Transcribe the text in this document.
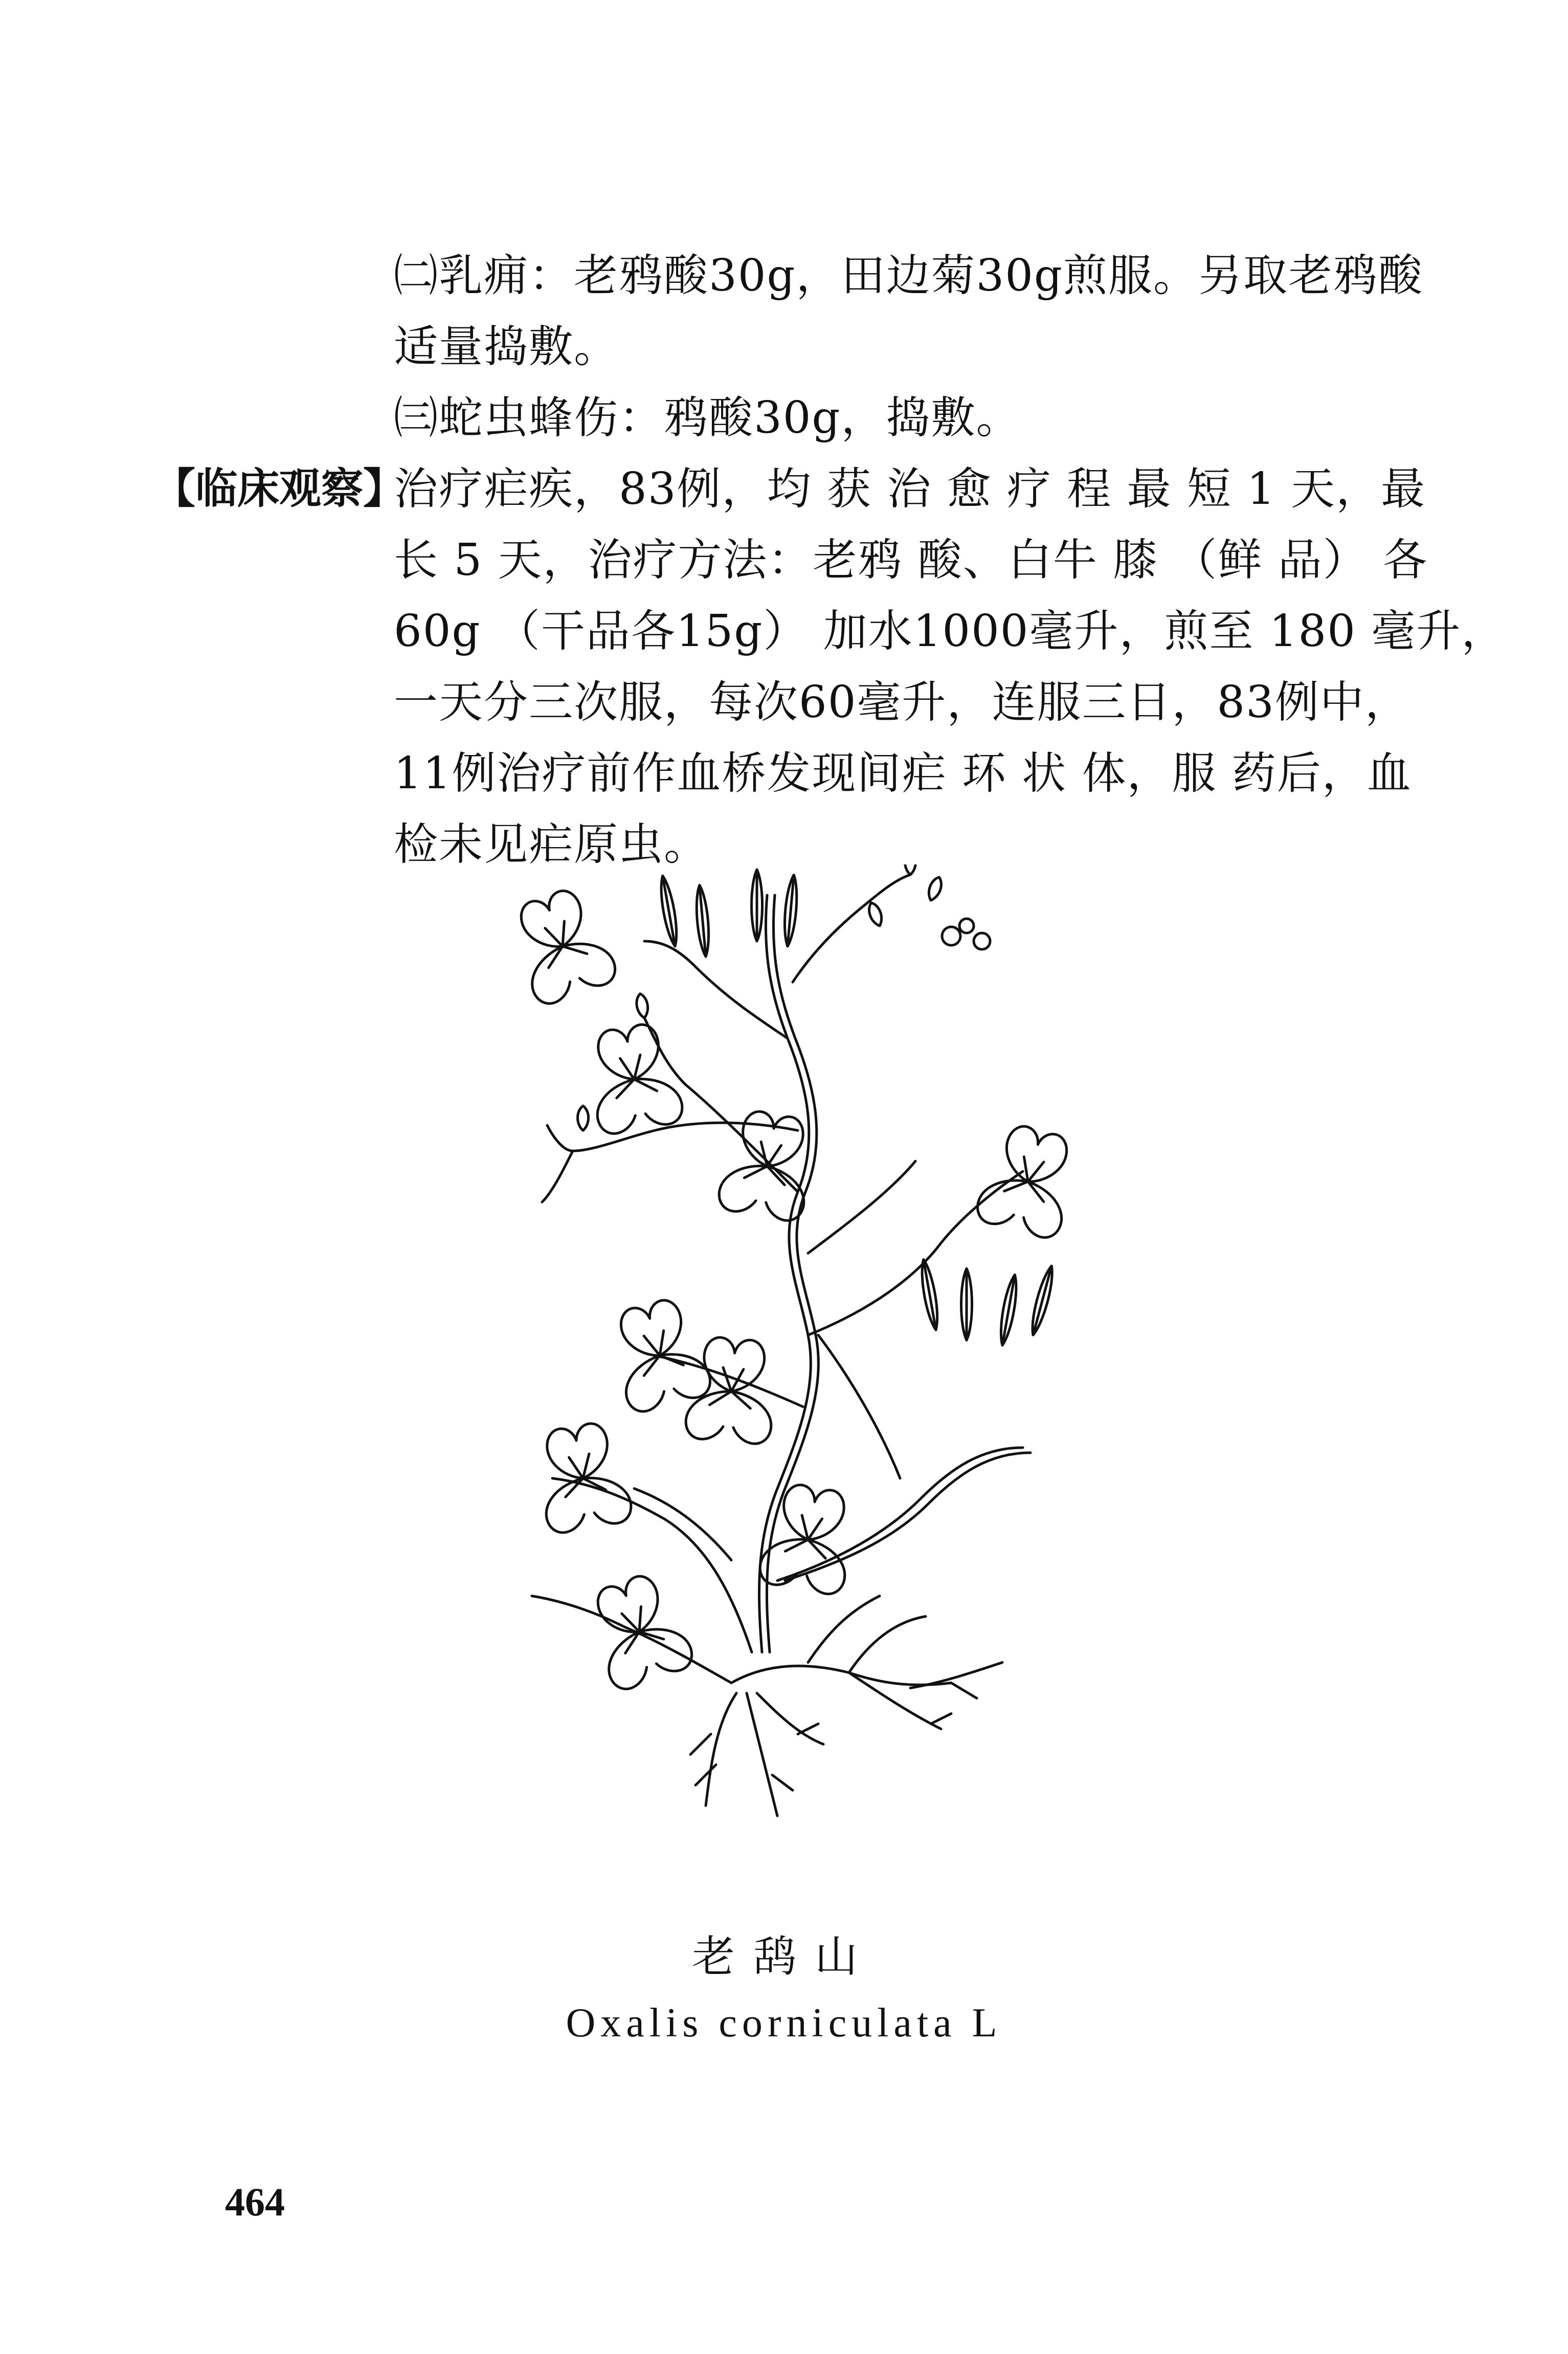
㈡乳痈：老鸦酸30g，田边菊30g煎服。另取老鸦酸
适量捣敷。

㈢蛇虫蜂伤：鸦酸30g，捣敷。

治疗疟疾，83例，均 获 治 愈 疗 程 最 短 1 天，最
长 5 天，治疗方法：老鸦 酸、白牛 膝 （鲜 品） 各
60g （干品各15g） 加水1000毫升，煎至 180 毫升，
一天分三次服，每次60毫升，连服三日，83例中，
11例治疗前作血桥发现间疟 环 状 体，服 药后，血
检未见疟原虫。

【临床观察】
老鸹山
Oxalis corniculata L
464
